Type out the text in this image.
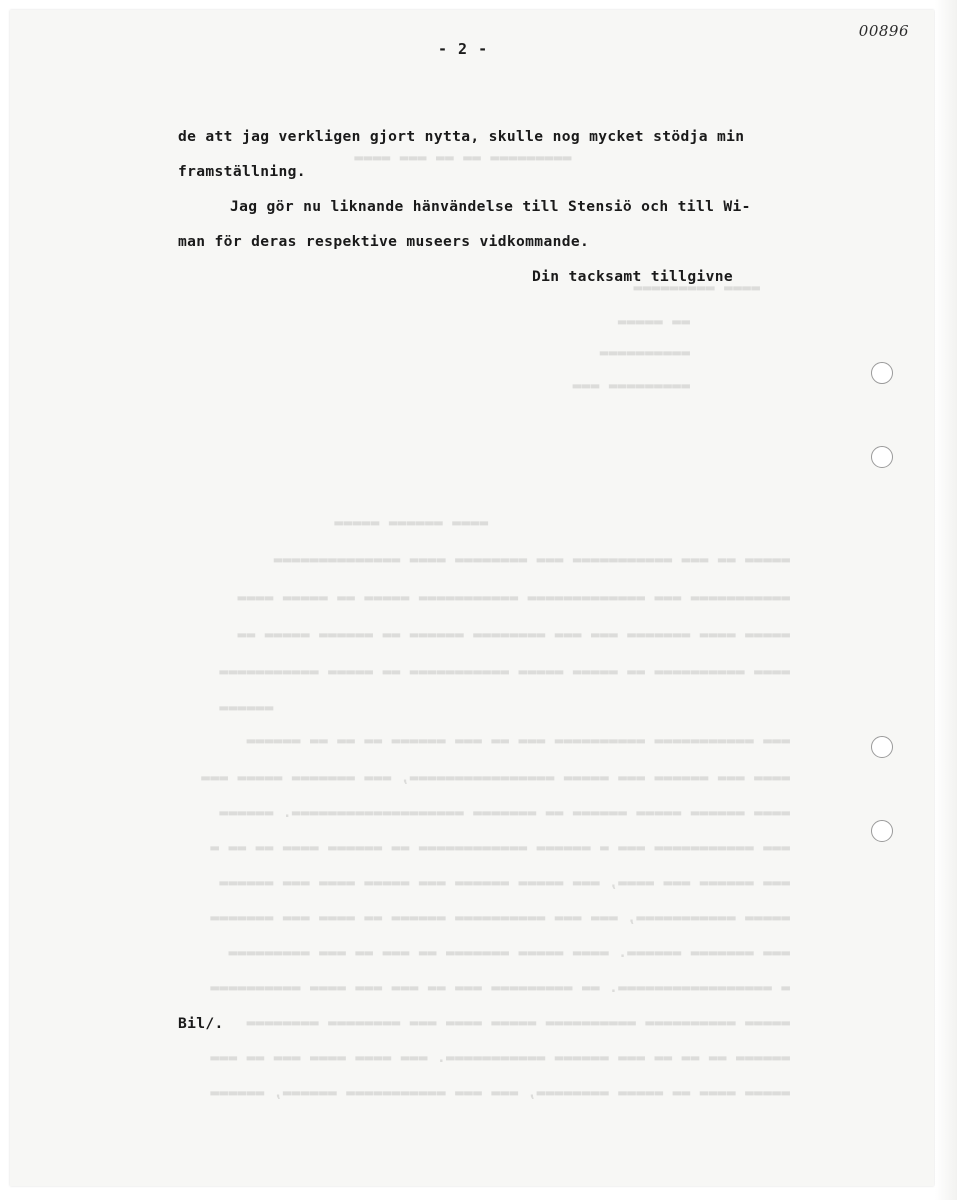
▬▬▬▬▬▬▬▬▬ ▬▬ ▬▬ ▬▬▬ ▬▬▬▬
▬▬▬▬ ▬▬▬▬▬▬▬▬▬
▬▬ ▬▬▬▬▬
▬▬▬▬▬▬▬▬▬▬
▬▬▬▬▬▬▬▬▬ ▬▬▬
▬▬▬▬ ▬▬▬▬▬▬ ▬▬▬▬▬
▬▬▬▬▬ ▬▬ ▬▬▬ ▬▬▬▬▬▬▬▬▬▬▬ ▬▬▬ ▬▬▬▬▬▬▬▬ ▬▬▬▬ ▬▬▬▬▬▬▬▬▬▬▬▬▬▬
▬▬▬▬▬▬▬▬▬▬▬ ▬▬▬ ▬▬▬▬▬▬▬▬▬▬▬▬▬ ▬▬▬▬▬▬▬▬▬▬▬ ▬▬▬▬▬ ▬▬ ▬▬▬▬▬ ▬▬▬▬
▬▬▬▬▬ ▬▬▬▬ ▬▬▬▬▬▬▬ ▬▬▬ ▬▬▬ ▬▬▬▬▬▬▬▬ ▬▬▬▬▬▬ ▬▬ ▬▬▬▬▬▬ ▬▬▬▬▬ ▬▬
▬▬▬▬ ▬▬▬▬▬▬▬▬▬▬ ▬▬ ▬▬▬▬▬ ▬▬▬▬▬ ▬▬▬▬▬▬▬▬▬▬▬ ▬▬ ▬▬▬▬▬ ▬▬▬▬▬▬▬▬▬▬▬
▬▬▬▬▬▬
▬▬▬ ▬▬▬▬▬▬▬▬▬▬▬ ▬▬▬▬▬▬▬▬▬▬ ▬▬▬ ▬▬ ▬▬▬ ▬▬▬▬▬▬ ▬▬ ▬▬ ▬▬ ▬▬▬▬▬▬
▬▬▬▬ ▬▬▬ ▬▬▬▬▬▬ ▬▬▬ ▬▬▬▬▬ ▬▬▬▬▬▬▬▬▬▬▬▬▬▬▬▬, ▬▬▬ ▬▬▬▬▬▬▬ ▬▬▬▬▬ ▬▬▬
▬▬▬▬ ▬▬▬▬▬▬ ▬▬▬▬▬ ▬▬▬▬▬▬ ▬▬ ▬▬▬▬▬▬▬ ▬▬▬▬▬▬▬▬▬▬▬▬▬▬▬▬▬▬▬. ▬▬▬▬▬▬
▬▬▬ ▬▬▬▬▬▬▬▬▬▬▬ ▬▬▬ ▬ ▬▬▬▬▬▬ ▬▬▬▬▬▬▬▬▬▬▬▬ ▬▬ ▬▬▬▬▬▬ ▬▬▬▬ ▬▬ ▬▬ ▬
▬▬▬ ▬▬▬▬▬▬ ▬▬▬ ▬▬▬▬, ▬▬▬ ▬▬▬▬▬ ▬▬▬▬▬▬ ▬▬▬ ▬▬▬▬▬ ▬▬▬▬ ▬▬▬ ▬▬▬▬▬▬
▬▬▬▬▬ ▬▬▬▬▬▬▬▬▬▬▬, ▬▬▬ ▬▬▬ ▬▬▬▬▬▬▬▬▬▬ ▬▬▬▬▬▬ ▬▬ ▬▬▬▬ ▬▬▬ ▬▬▬▬▬▬▬
▬▬▬ ▬▬▬▬▬▬▬ ▬▬▬▬▬▬. ▬▬▬▬ ▬▬▬▬▬ ▬▬▬▬▬▬▬ ▬▬ ▬▬▬ ▬▬ ▬▬▬ ▬▬▬▬▬▬▬▬▬
▬ ▬▬▬▬▬▬▬▬▬▬▬▬▬▬▬▬▬. ▬▬ ▬▬▬▬▬▬▬▬▬ ▬▬▬ ▬▬ ▬▬▬ ▬▬▬ ▬▬▬▬ ▬▬▬▬▬▬▬▬▬▬
▬▬▬▬▬ ▬▬▬▬▬▬▬▬▬▬ ▬▬▬▬▬▬▬▬▬▬ ▬▬▬▬▬ ▬▬▬▬ ▬▬▬ ▬▬▬▬▬▬▬▬ ▬▬▬▬▬▬▬▬
▬▬▬▬▬▬ ▬▬ ▬▬ ▬▬ ▬▬▬ ▬▬▬▬▬▬ ▬▬▬▬▬▬▬▬▬▬▬. ▬▬▬ ▬▬▬▬ ▬▬▬▬ ▬▬▬ ▬▬ ▬▬▬
▬▬▬▬▬ ▬▬▬▬ ▬▬ ▬▬▬▬▬ ▬▬▬▬▬▬▬▬, ▬▬▬ ▬▬▬ ▬▬▬▬▬▬▬▬▬▬▬ ▬▬▬▬▬▬, ▬▬▬▬▬▬
00896
- 2 -
de att jag verkligen gjort nytta, skulle nog mycket stödja min
framställning.
Jag gör nu liknande hänvändelse till Stensiö och till Wi-
man för deras respektive museers vidkommande.
Din tacksamt tillgivne
Bil/.
